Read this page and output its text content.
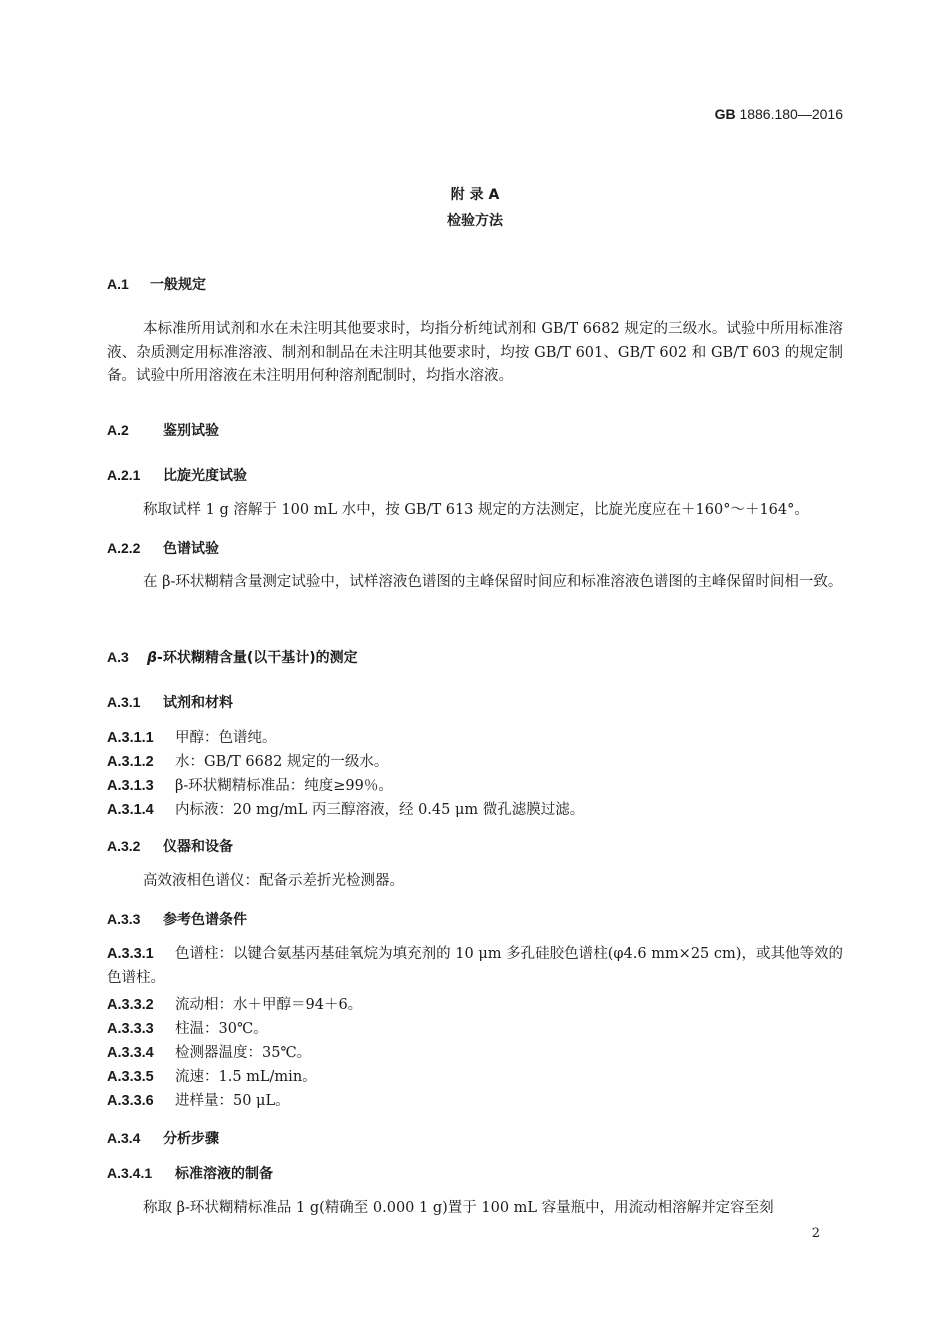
GB 1886.180—2016
附 录 A
检验方法
A.1 一般规定
本标准所用试剂和水在未注明其他要求时，均指分析纯试剂和 GB/T 6682 规定的三级水。试验中所用标准溶液、杂质测定用标准溶液、制剂和制品在未注明其他要求时，均按 GB/T 601、GB/T 602 和 GB/T 603 的规定制备。试验中所用溶液在未注明用何种溶剂配制时，均指水溶液。
A.2 鉴别试验
A.2.1 比旋光度试验
称取试样 1 g 溶解于 100 mL 水中，按 GB/T 613 规定的方法测定，比旋光度应在＋160°～＋164°。
A.2.2 色谱试验
在 β-环状糊精含量测定试验中，试样溶液色谱图的主峰保留时间应和标准溶液色谱图的主峰保留时间相一致。
A.3 β-环状糊精含量(以干基计)的测定
A.3.1 试剂和材料
A.3.1.1 甲醇：色谱纯。
A.3.1.2 水：GB/T 6682 规定的一级水。
A.3.1.3 β-环状糊精标准品：纯度≥99％。
A.3.1.4 内标液：20 mg/mL 丙三醇溶液，经 0.45 μm 微孔滤膜过滤。
A.3.2 仪器和设备
高效液相色谱仪：配备示差折光检测器。
A.3.3 参考色谱条件
A.3.3.1 色谱柱：以键合氨基丙基硅氧烷为填充剂的 10 μm 多孔硅胶色谱柱(φ4.6 mm×25 cm)，或其他等效的色谱柱。
A.3.3.2 流动相：水＋甲醇＝94＋6。
A.3.3.3 柱温：30℃。
A.3.3.4 检测器温度：35℃。
A.3.3.5 流速：1.5 mL/min。
A.3.3.6 进样量：50 μL。
A.3.4 分析步骤
A.3.4.1 标准溶液的制备
称取 β-环状糊精标准品 1 g(精确至 0.000 1 g)置于 100 mL 容量瓶中，用流动相溶解并定容至刻
2
